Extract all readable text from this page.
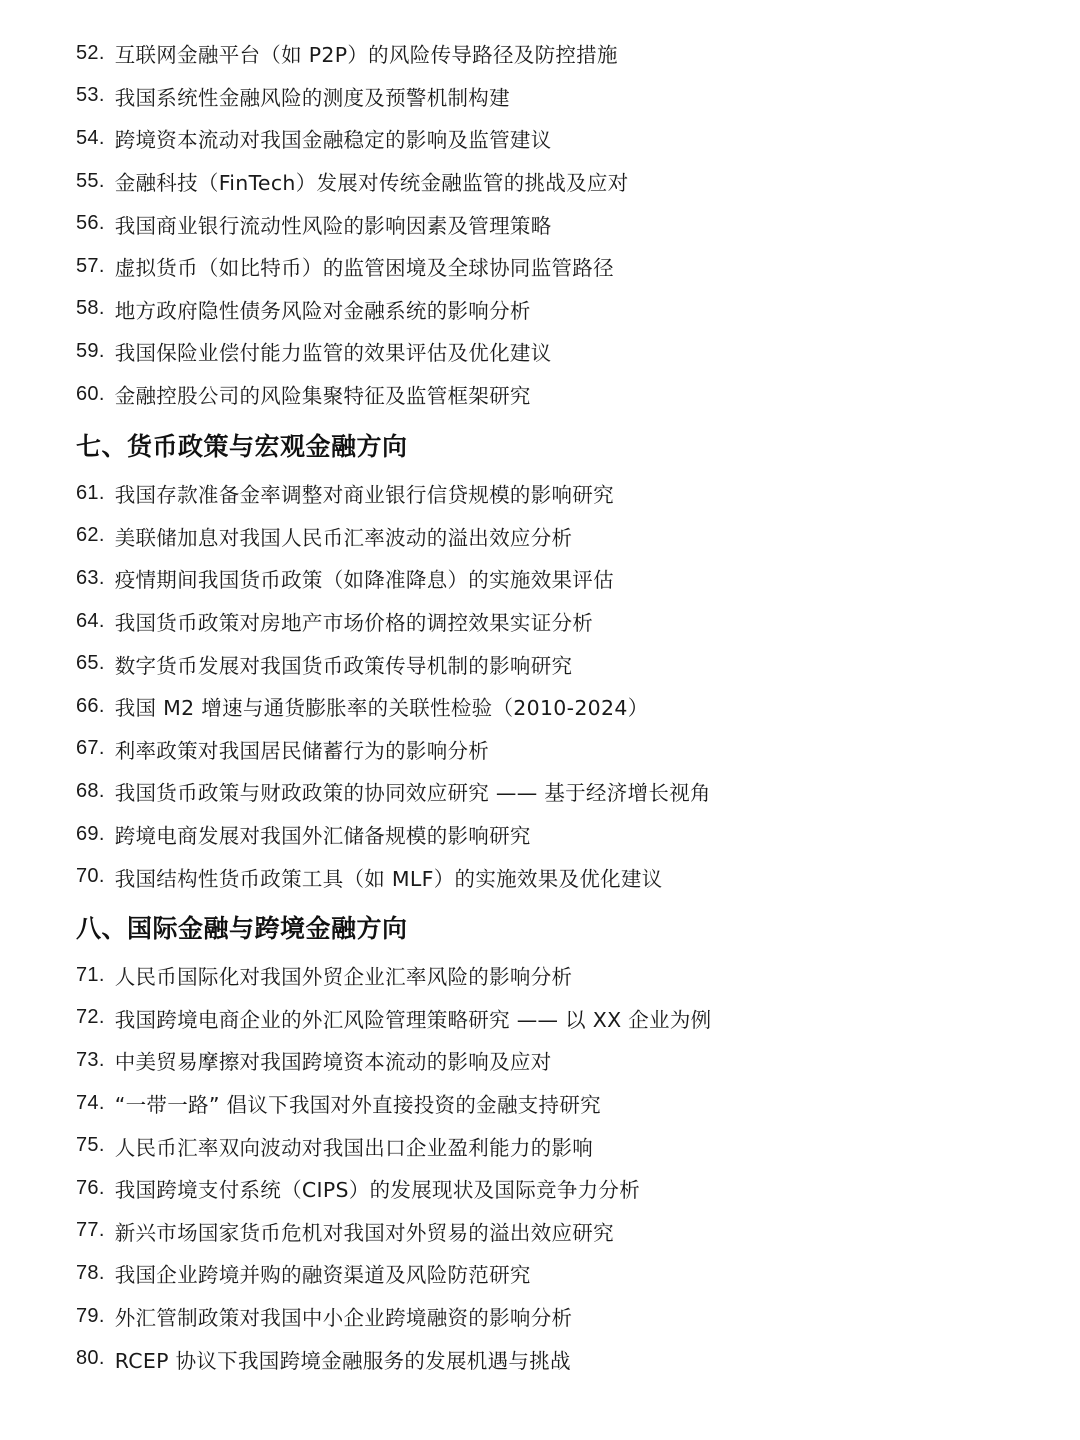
52. 互联网金融平台（如 P2P）的风险传导路径及防控措施
53. 我国系统性金融风险的测度及预警机制构建
54. 跨境资本流动对我国金融稳定的影响及监管建议
55. 金融科技（FinTech）发展对传统金融监管的挑战及应对
56. 我国商业银行流动性风险的影响因素及管理策略
57. 虚拟货币（如比特币）的监管困境及全球协同监管路径
58. 地方政府隐性债务风险对金融系统的影响分析
59. 我国保险业偿付能力监管的效果评估及优化建议
60. 金融控股公司的风险集聚特征及监管框架研究
七、货币政策与宏观金融方向
61. 我国存款准备金率调整对商业银行信贷规模的影响研究
62. 美联储加息对我国人民币汇率波动的溢出效应分析
63. 疫情期间我国货币政策（如降准降息）的实施效果评估
64. 我国货币政策对房地产市场价格的调控效果实证分析
65. 数字货币发展对我国货币政策传导机制的影响研究
66. 我国 M2 增速与通货膨胀率的关联性检验（2010-2024）
67. 利率政策对我国居民储蓄行为的影响分析
68. 我国货币政策与财政政策的协同效应研究 —— 基于经济增长视角
69. 跨境电商发展对我国外汇储备规模的影响研究
70. 我国结构性货币政策工具（如 MLF）的实施效果及优化建议
八、国际金融与跨境金融方向
71. 人民币国际化对我国外贸企业汇率风险的影响分析
72. 我国跨境电商企业的外汇风险管理策略研究 —— 以 XX 企业为例
73. 中美贸易摩擦对我国跨境资本流动的影响及应对
74. “一带一路” 倡议下我国对外直接投资的金融支持研究
75. 人民币汇率双向波动对我国出口企业盈利能力的影响
76. 我国跨境支付系统（CIPS）的发展现状及国际竞争力分析
77. 新兴市场国家货币危机对我国对外贸易的溢出效应研究
78. 我国企业跨境并购的融资渠道及风险防范研究
79. 外汇管制政策对我国中小企业跨境融资的影响分析
80. RCEP 协议下我国跨境金融服务的发展机遇与挑战
